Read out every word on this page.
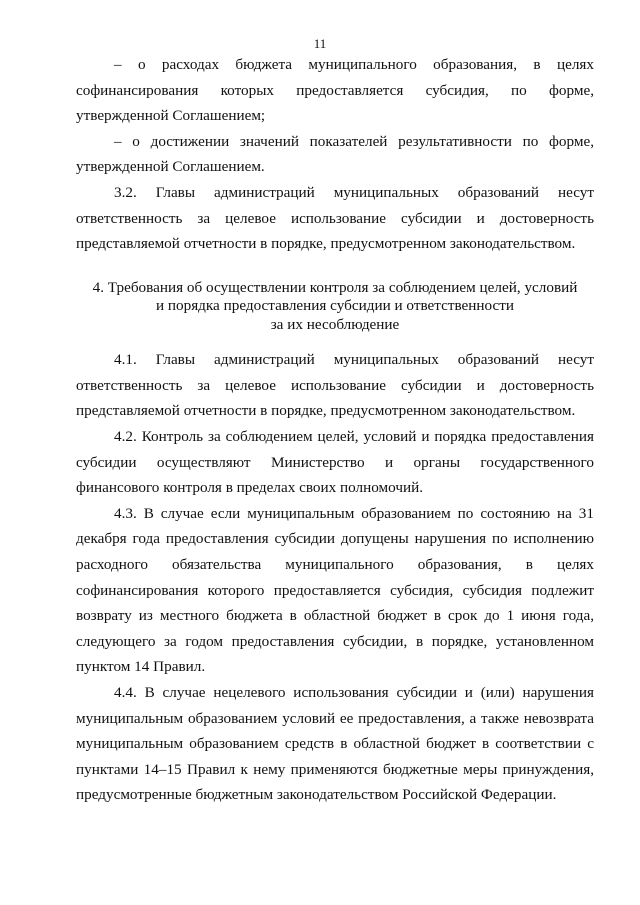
11

– о расходах бюджета муниципального образования, в целях софинансирования которых предоставляется субсидия, по форме, утвержденной Соглашением;

– о достижении значений показателей результативности по форме, утвержденной Соглашением.

3.2. Главы администраций муниципальных образований несут ответственность за целевое использование субсидии и достоверность представляемой отчетности в порядке, предусмотренном законодательством.

4. Требования об осуществлении контроля за соблюдением целей, условий
и порядка предоставления субсидии и ответственности
за их несоблюдение

4.1. Главы администраций муниципальных образований несут ответственность за целевое использование субсидии и достоверность представляемой отчетности в порядке, предусмотренном законодательством.

4.2. Контроль за соблюдением целей, условий и порядка предоставления субсидии осуществляют Министерство и органы государственного финансового контроля в пределах своих полномочий.

4.3. В случае если муниципальным образованием по состоянию на 31 декабря года предоставления субсидии допущены нарушения по исполнению расходного обязательства муниципального образования, в целях софинансирования которого предоставляется субсидия, субсидия подлежит возврату из местного бюджета в областной бюджет в срок до 1 июня года, следующего за годом предоставления субсидии, в порядке, установленном пунктом 14 Правил.

4.4. В случае нецелевого использования субсидии и (или) нарушения муниципальным образованием условий ее предоставления, а также невозврата муниципальным образованием средств в областной бюджет в соответствии с пунктами 14–15 Правил к нему применяются бюджетные меры принуждения, предусмотренные бюджетным законодательством Российской Федерации.
